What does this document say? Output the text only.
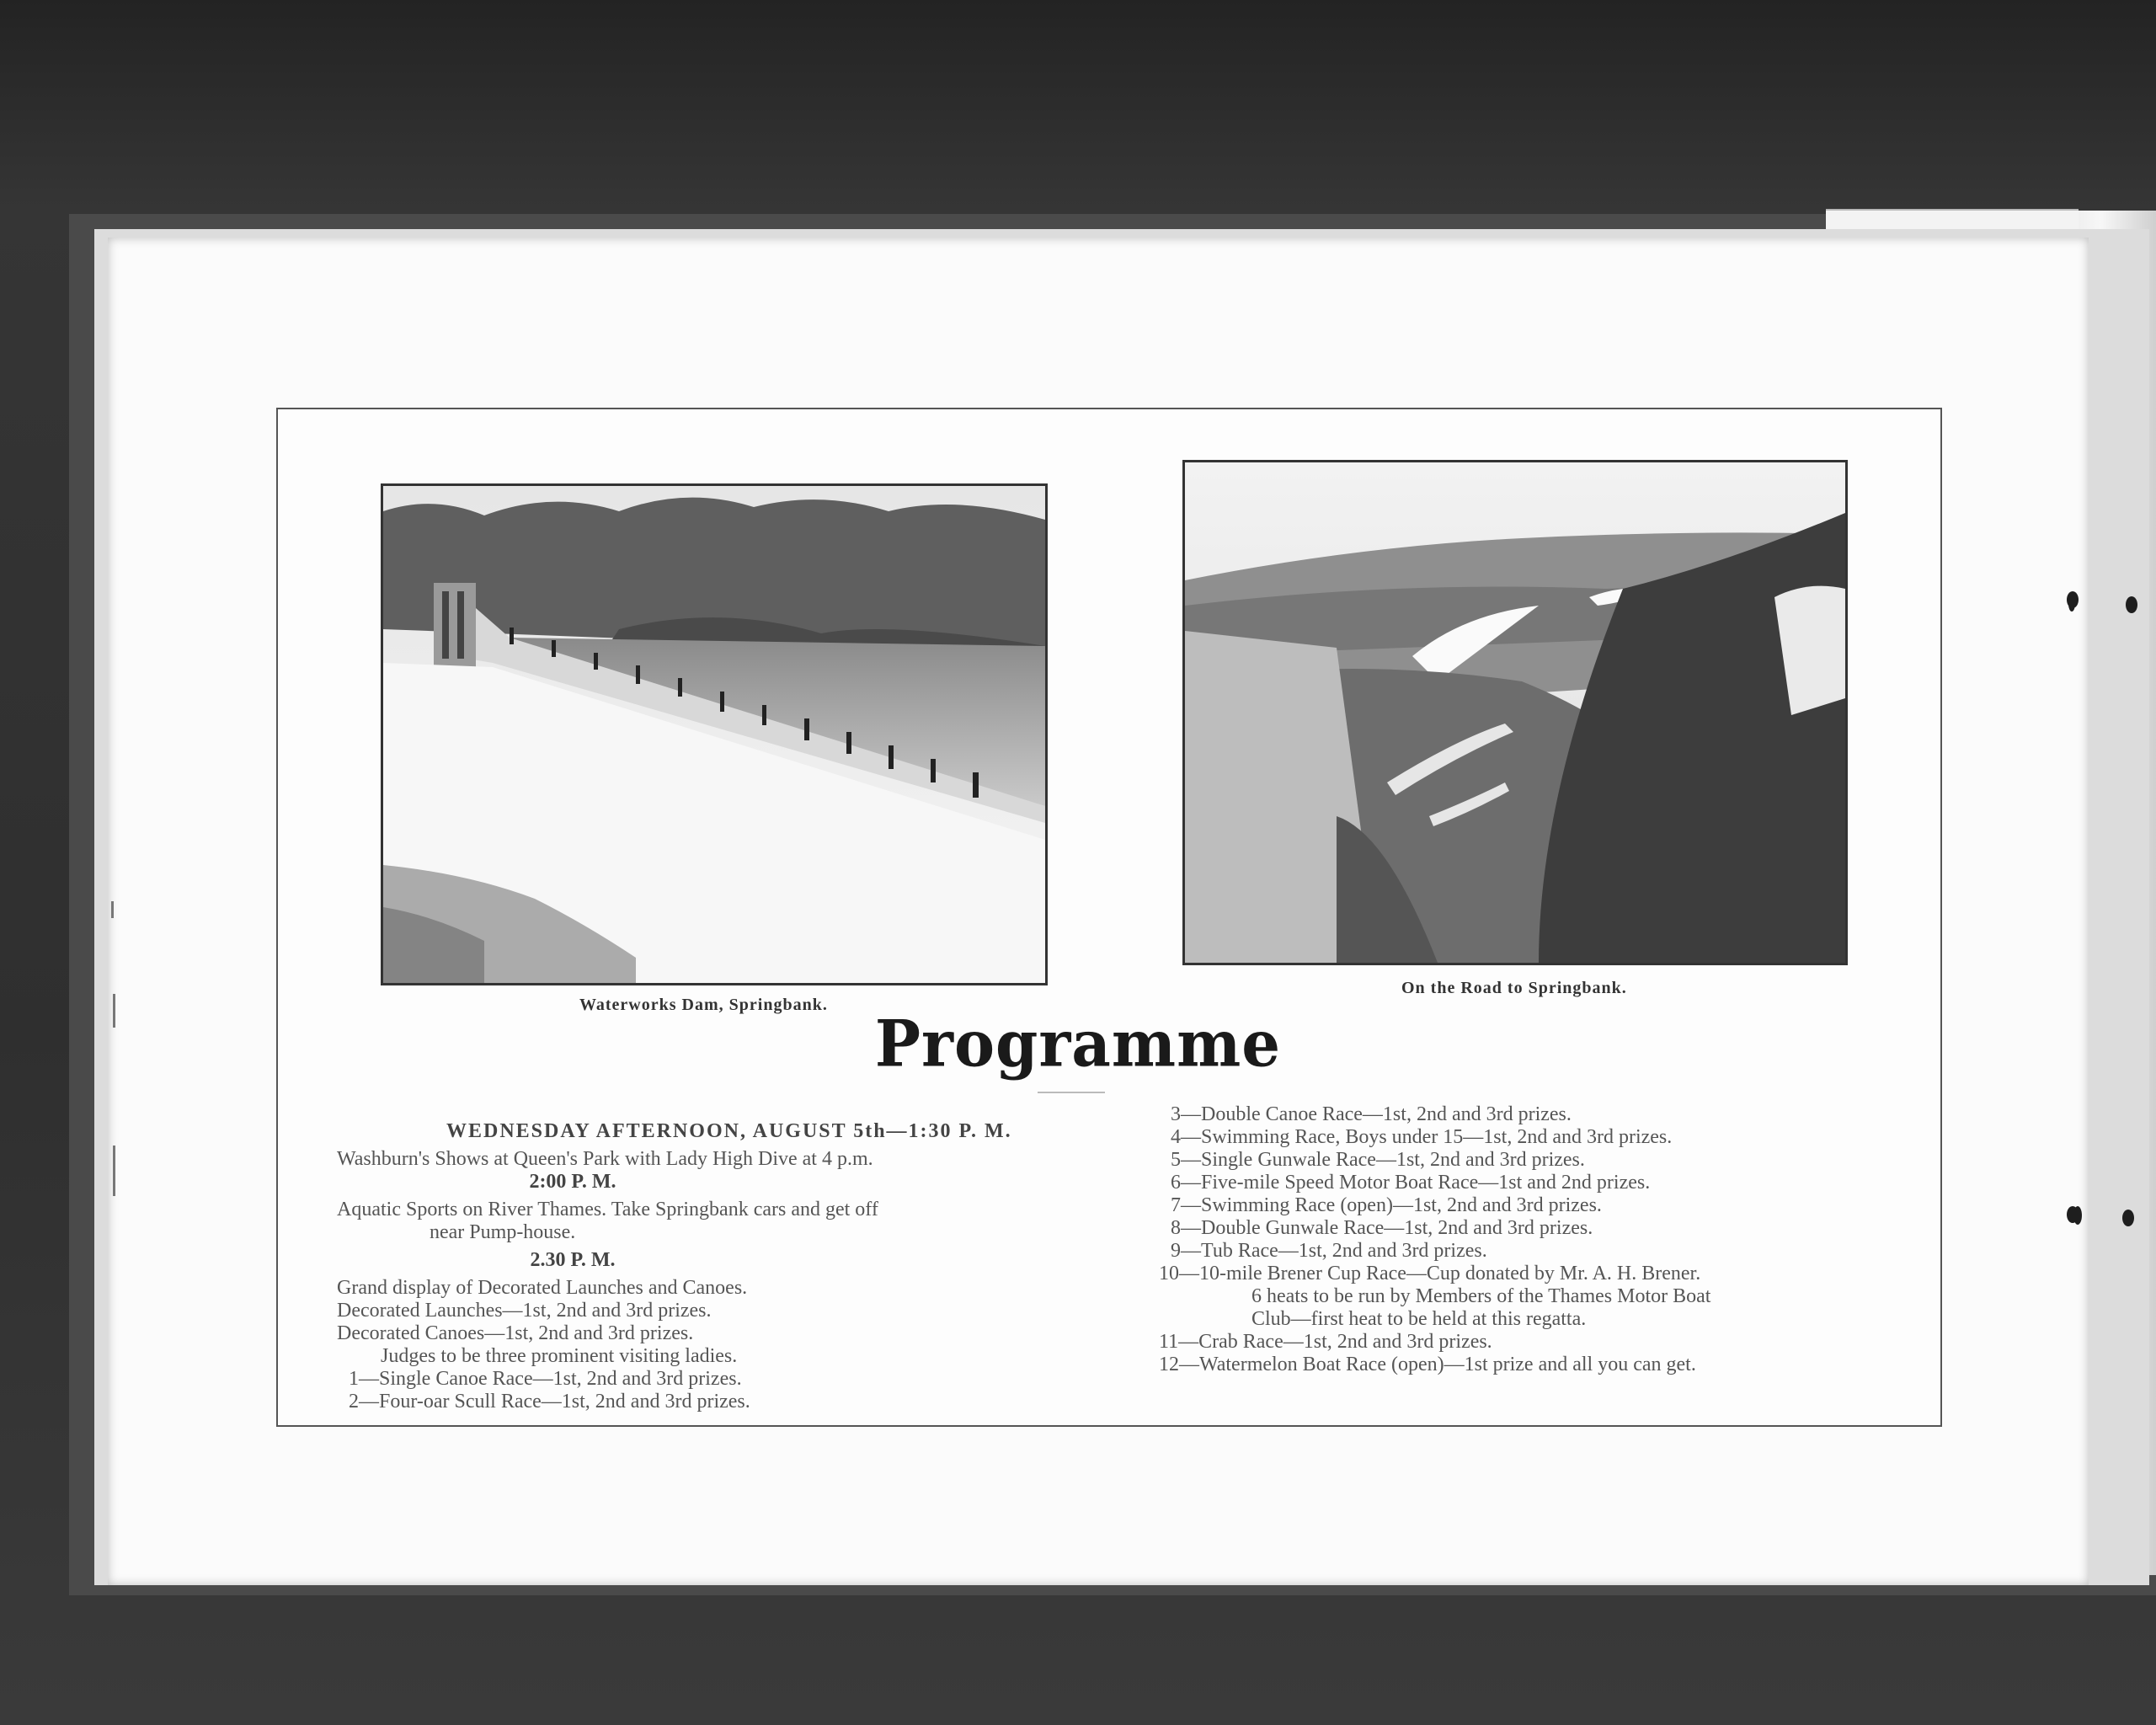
Waterworks Dam, Springbank.
On the Road to Springbank.
Programme
WEDNESDAY AFTERNOON, AUGUST 5th—1:30 P. M.
Washburn's Shows at Queen's Park with Lady High Dive at 4 p.m.
2:00 P. M.
Aquatic Sports on River Thames. Take Springbank cars and get off
near Pump-house.
2.30 P. M.
Grand display of Decorated Launches and Canoes.
Decorated Launches—1st, 2nd and 3rd prizes.
Decorated Canoes—1st, 2nd and 3rd prizes.
Judges to be three prominent visiting ladies.
1—Single Canoe Race—1st, 2nd and 3rd prizes.
2—Four-oar Scull Race—1st, 2nd and 3rd prizes.
3—Double Canoe Race—1st, 2nd and 3rd prizes.
4—Swimming Race, Boys under 15—1st, 2nd and 3rd prizes.
5—Single Gunwale Race—1st, 2nd and 3rd prizes.
6—Five-mile Speed Motor Boat Race—1st and 2nd prizes.
7—Swimming Race (open)—1st, 2nd and 3rd prizes.
8—Double Gunwale Race—1st, 2nd and 3rd prizes.
9—Tub Race—1st, 2nd and 3rd prizes.
10—10-mile Brener Cup Race—Cup donated by Mr. A. H. Brener.
6 heats to be run by Members of the Thames Motor Boat
Club—first heat to be held at this regatta.
11—Crab Race—1st, 2nd and 3rd prizes.
12—Watermelon Boat Race (open)—1st prize and all you can get.
